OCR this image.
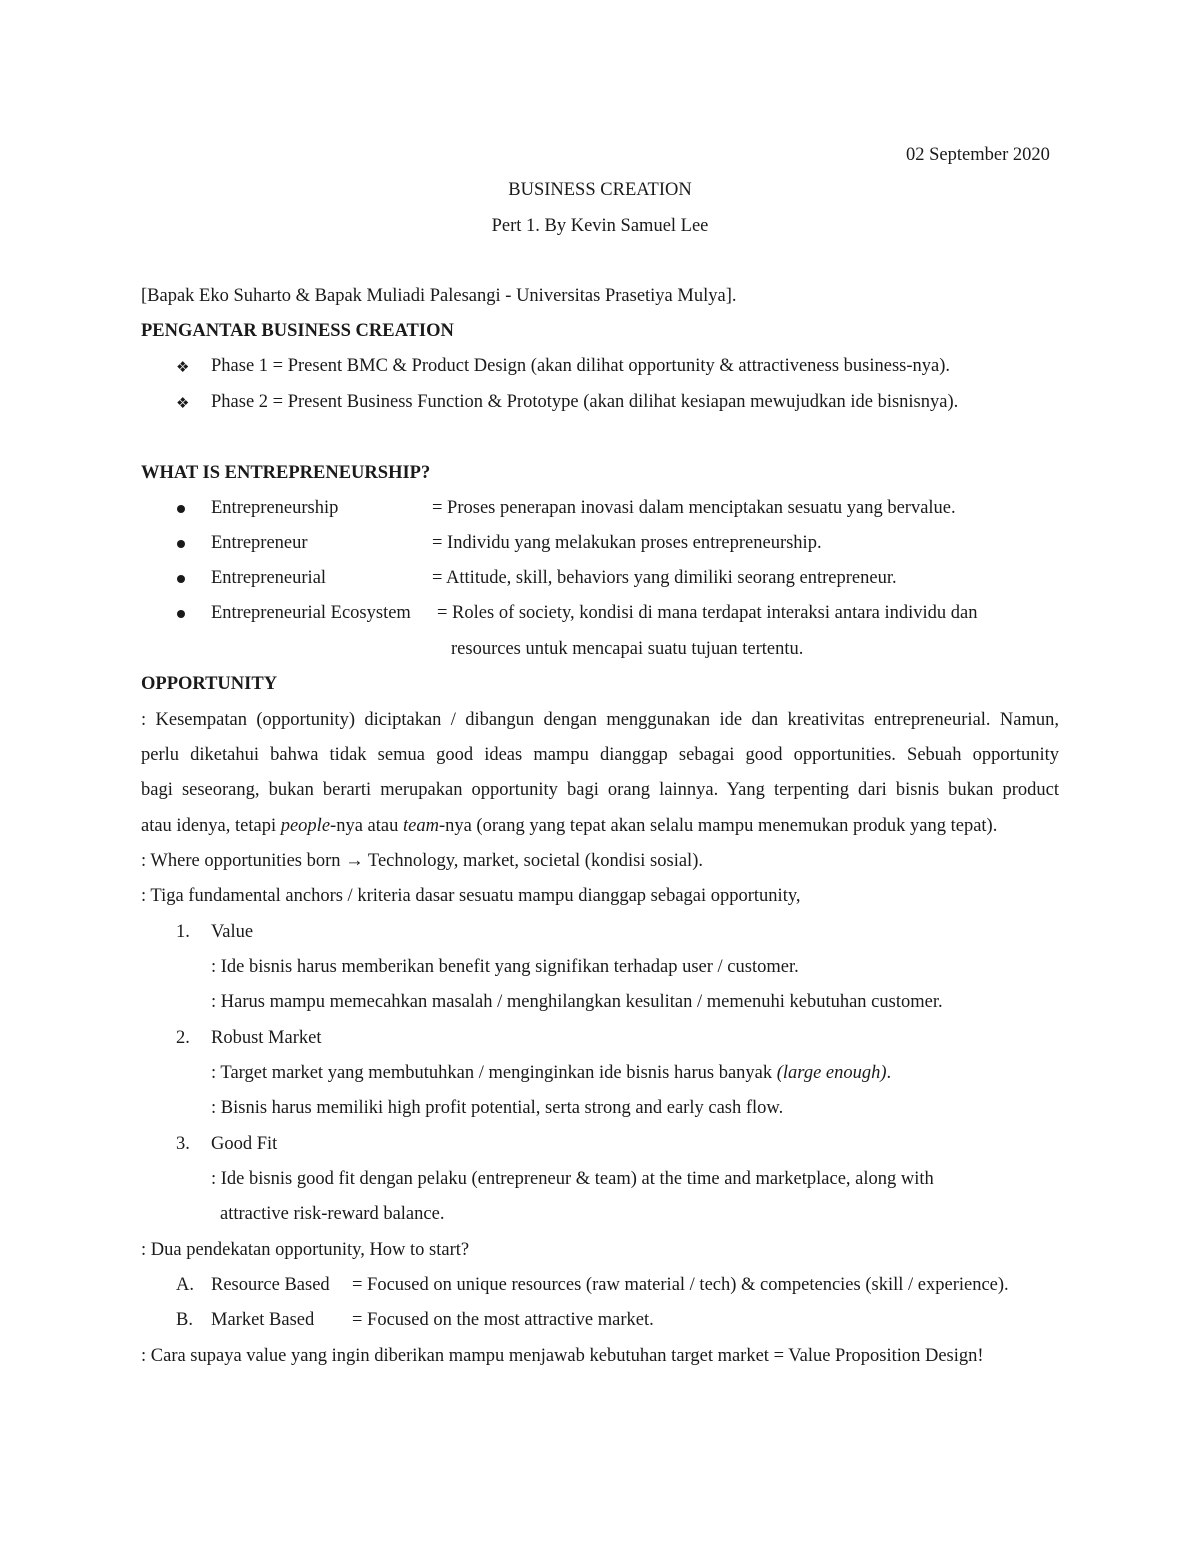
02 September 2020
BUSINESS CREATION
Pert 1. By Kevin Samuel Lee
[Bapak Eko Suharto & Bapak Muliadi Palesangi - Universitas Prasetiya Mulya].
PENGANTAR BUSINESS CREATION
❖ Phase 1 = Present BMC & Product Design (akan dilihat opportunity & attractiveness business-nya).
❖ Phase 2 = Present Business Function & Prototype (akan dilihat kesiapan mewujudkan ide bisnisnya).
WHAT IS ENTREPRENEURSHIP?
Entrepreneurship	= Proses penerapan inovasi dalam menciptakan sesuatu yang bervalue.
Entrepreneur	= Individu yang melakukan proses entrepreneurship.
Entrepreneurial	= Attitude, skill, behaviors yang dimiliki seorang entrepreneur.
Entrepreneurial Ecosystem = Roles of society, kondisi di mana terdapat interaksi antara individu dan
resources untuk mencapai suatu tujuan tertentu.
OPPORTUNITY
: Kesempatan (opportunity) diciptakan / dibangun dengan menggunakan ide dan kreativitas entrepreneurial. Namun,
perlu diketahui bahwa tidak semua good ideas mampu dianggap sebagai good opportunities. Sebuah opportunity
bagi seseorang, bukan berarti merupakan opportunity bagi orang lainnya. Yang terpenting dari bisnis bukan product
atau idenya, tetapi people-nya atau team-nya (orang yang tepat akan selalu mampu menemukan produk yang tepat).
: Where opportunities born → Technology, market, societal (kondisi sosial).
: Tiga fundamental anchors / kriteria dasar sesuatu mampu dianggap sebagai opportunity,
1. Value
: Ide bisnis harus memberikan benefit yang signifikan terhadap user / customer.
: Harus mampu memecahkan masalah / menghilangkan kesulitan / memenuhi kebutuhan customer.
2. Robust Market
: Target market yang membutuhkan / menginginkan ide bisnis harus banyak (large enough).
: Bisnis harus memiliki high profit potential, serta strong and early cash flow.
3. Good Fit
: Ide bisnis good fit dengan pelaku (entrepreneur & team) at the time and marketplace, along with
attractive risk-reward balance.
: Dua pendekatan opportunity, How to start?
A. Resource Based = Focused on unique resources (raw material / tech) & competencies (skill / experience).
B. Market Based = Focused on the most attractive market.
: Cara supaya value yang ingin diberikan mampu menjawab kebutuhan target market = Value Proposition Design!
